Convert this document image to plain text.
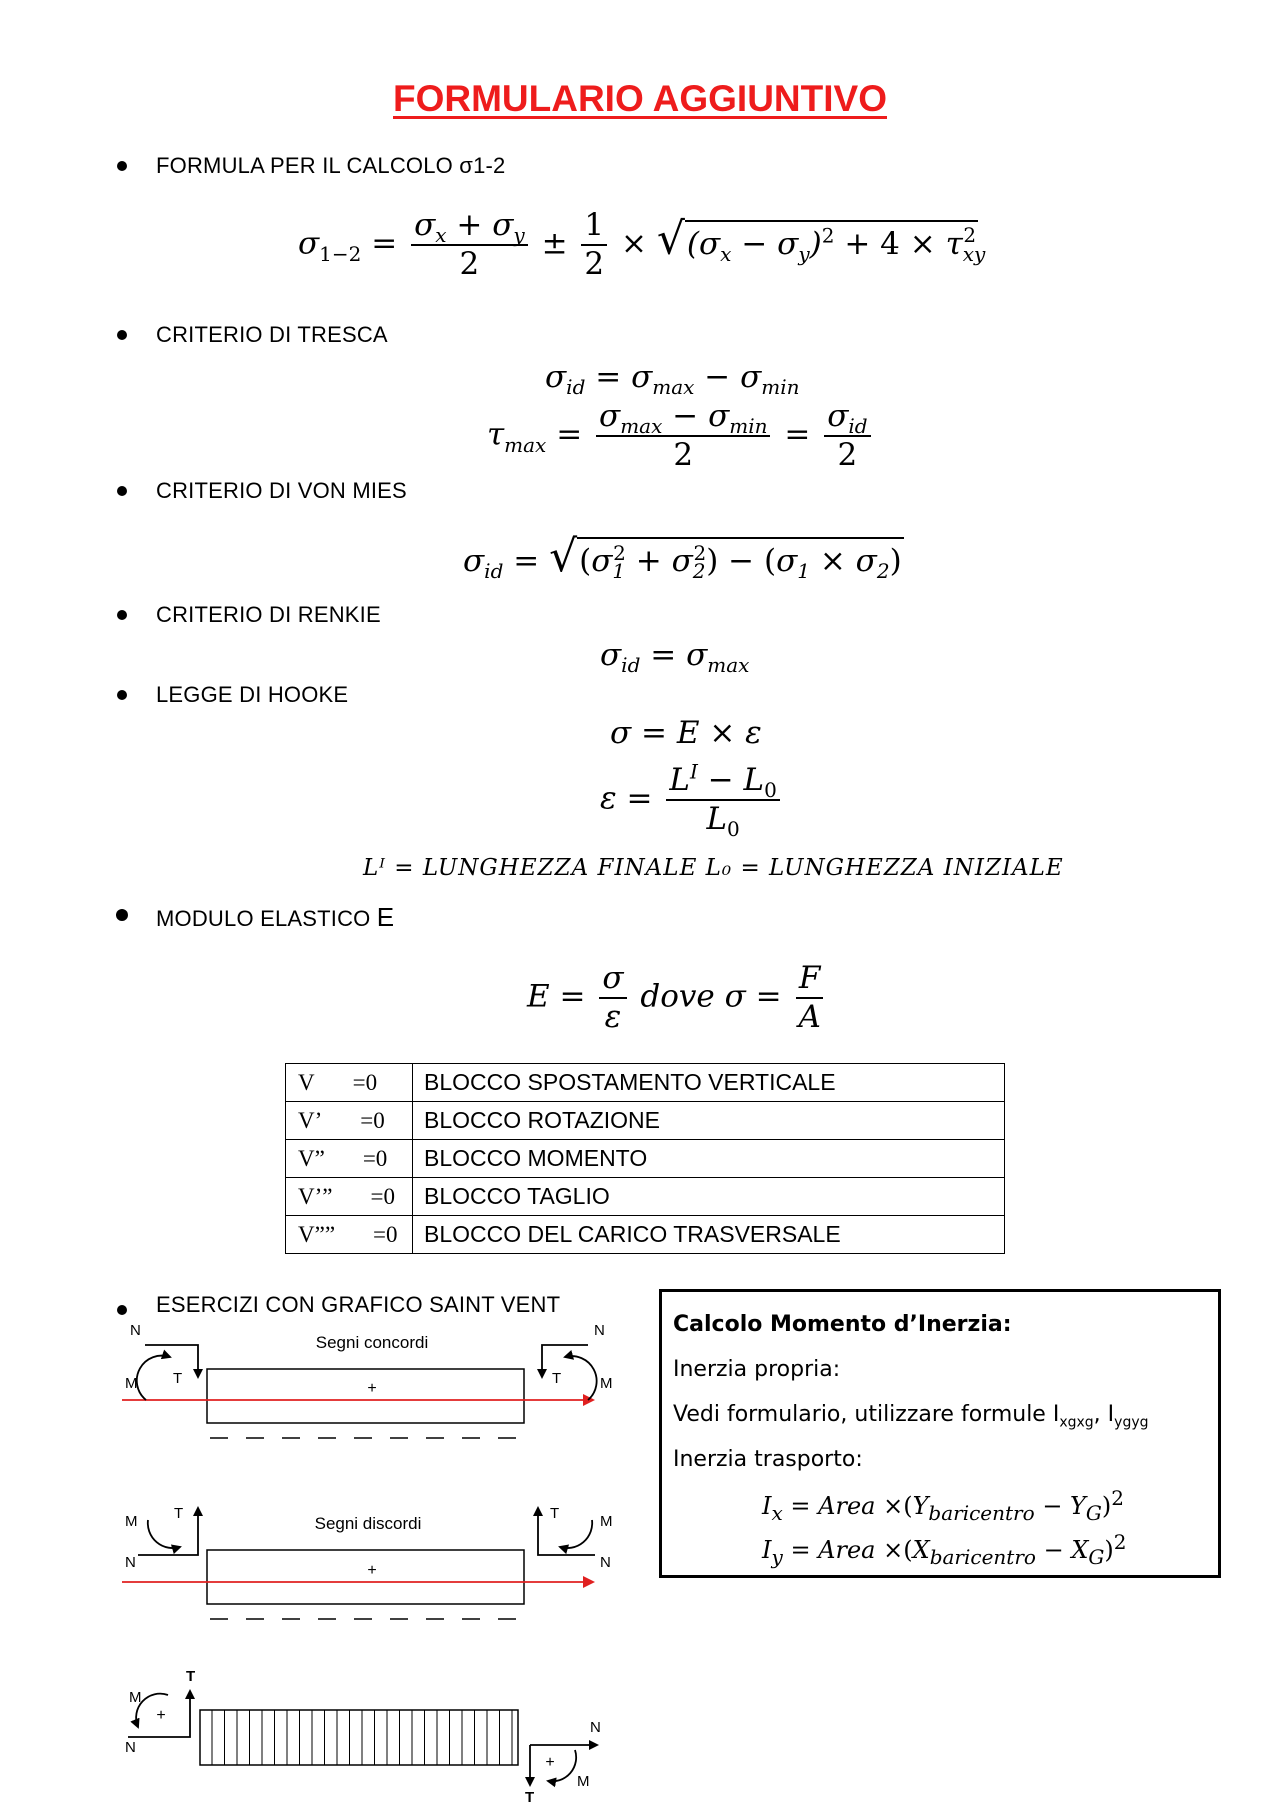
FORMULARIO AGGIUNTIVO
FORMULA PER IL CALCOLO σ1-2
$\sigma_{1-2} = \frac{\sigma_x + \sigma_y}{2} \pm \frac{1}{2} \times √(\sigma_x - \sigma_y)^2 + 4 \times \tau_{xy}^2$
CRITERIO DI TRESCA
$\sigma_{id} = \sigma_{max} - \sigma_{min}$
$\tau_{max} = \frac{\sigma_{max} - \sigma_{min}}{2} = \frac{\sigma_{id}}{2}$
CRITERIO DI VON MIES
$\sigma_{id} = √(\sigma_1^2 + \sigma_2^2) - (\sigma_1 \times \sigma_2)$
CRITERIO DI RENKIE
$\sigma_{id} = \sigma_{max}$
LEGGE DI HOOKE
σ = E × ε
$\varepsilon = \frac{L^I - L_0}{L_0}$
Lᴵ = LUNGHEZZA FINALE L₀ = LUNGHEZZA INIZIALE
MODULO ELASTICO E
$E = \frac{\sigma}{\varepsilon}$ dove $\sigma = \frac{F}{A}$
V =0	BLOCCO SPOSTAMENTO VERTICALE
V’ =0	BLOCCO ROTAZIONE
V” =0	BLOCCO MOMENTO
V’” =0	BLOCCO TAGLIO
V”” =0	BLOCCO DEL CARICO TRASVERSALE
ESERCIZI CON GRAFICO SAINT VENT
Calcolo Momento d’Inerzia:
Inerzia propria:
Vedi formulario, utilizzare formule $I_{xgxg}$, $I_{ygyg}$
Inerzia trasporto:
$I_x$ = Area $\times(Y_{baricentro} - Y_G)^2$
$I_y$ = Area $\times(X_{baricentro} - X_G)^2$
Segni concordi
+
N
M T
N
M
T
Segni discordi
+
M
N
T	M
N
T
+
M
N
T
+
N
M
T
